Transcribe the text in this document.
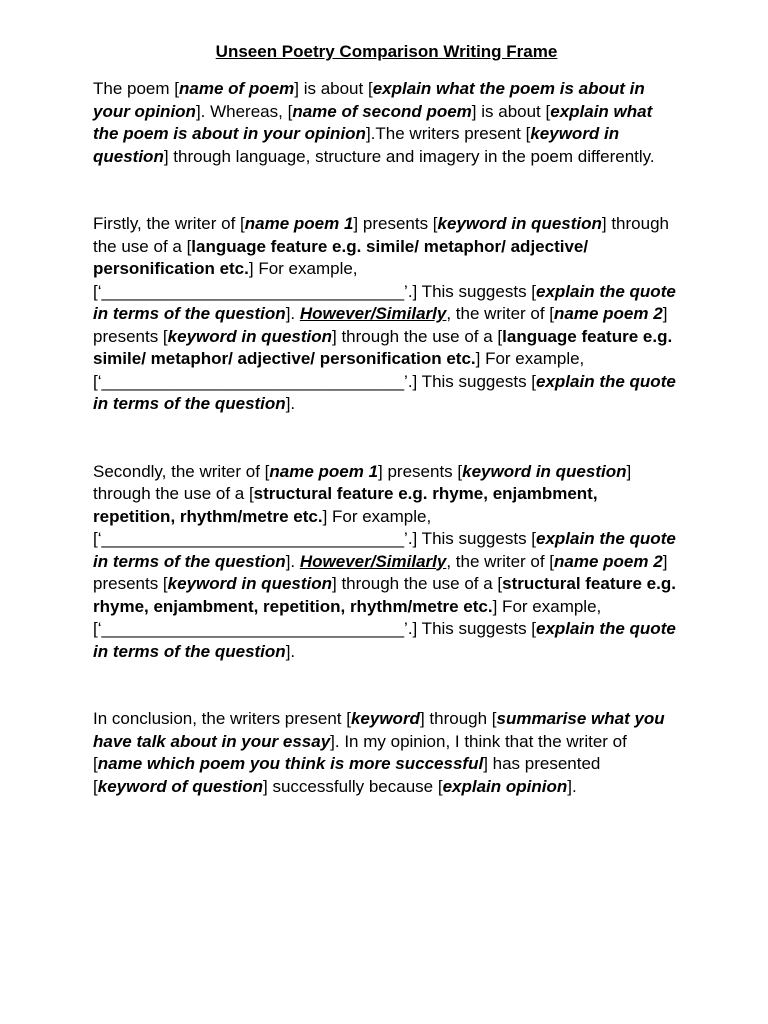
Unseen Poetry Comparison Writing Frame

The poem [name of poem] is about [explain what the poem is about in your opinion]. Whereas, [name of second poem] is about [explain what the poem is about in your opinion].The writers present [keyword in question] through language, structure and imagery in the poem differently.

Firstly, the writer of [name poem 1] presents [keyword in question] through the use of a [language feature e.g. simile/ metaphor/ adjective/ personification etc.] For example, [‘________________________________’.] This suggests [explain the quote in terms of the question]. However/Similarly, the writer of [name poem 2] presents [keyword in question] through the use of a [language feature e.g. simile/ metaphor/ adjective/ personification etc.] For example, [‘________________________________’.] This suggests [explain the quote in terms of the question].

Secondly, the writer of [name poem 1] presents [keyword in question] through the use of a [structural feature e.g. rhyme, enjambment, repetition, rhythm/metre etc.] For example, [‘________________________________’.] This suggests [explain the quote in terms of the question]. However/Similarly, the writer of [name poem 2] presents [keyword in question] through the use of a [structural feature e.g. rhyme, enjambment, repetition, rhythm/metre etc.] For example, [‘________________________________’.] This suggests [explain the quote in terms of the question].

In conclusion, the writers present [keyword] through [summarise what you have talk about in your essay]. In my opinion, I think that the writer of [name which poem you think is more successful] has presented [keyword of question] successfully because [explain opinion].
